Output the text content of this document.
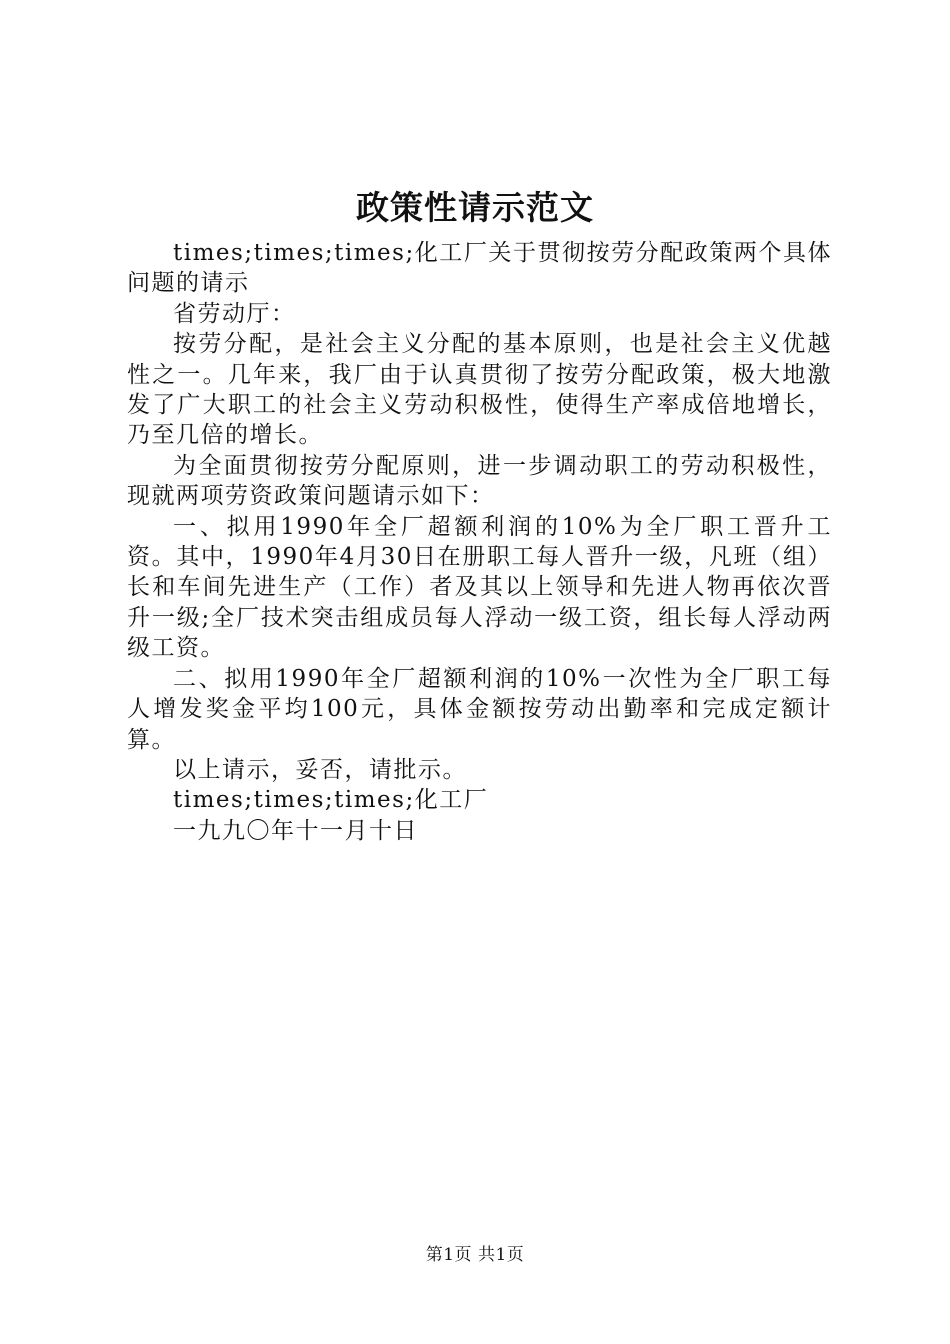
政策性请示范文

times;times;times;化工厂关于贯彻按劳分配政策两个具体问题的请示

省劳动厅：

按劳分配，是社会主义分配的基本原则，也是社会主义优越性之一。几年来，我厂由于认真贯彻了按劳分配政策，极大地激发了广大职工的社会主义劳动积极性，使得生产率成倍地增长，乃至几倍的增长。

为全面贯彻按劳分配原则，进一步调动职工的劳动积极性，现就两项劳资政策问题请示如下：

一、拟用1990年全厂超额利润的10%为全厂职工晋升工资。其中，1990年4月30日在册职工每人晋升一级，凡班（组）长和车间先进生产（工作）者及其以上领导和先进人物再依次晋升一级;全厂技术突击组成员每人浮动一级工资，组长每人浮动两级工资。

二、拟用1990年全厂超额利润的10%一次性为全厂职工每人增发奖金平均100元，具体金额按劳动出勤率和完成定额计算。

以上请示，妥否，请批示。

times;times;times;化工厂

一九九〇年十一月十日

第1页 共1页
